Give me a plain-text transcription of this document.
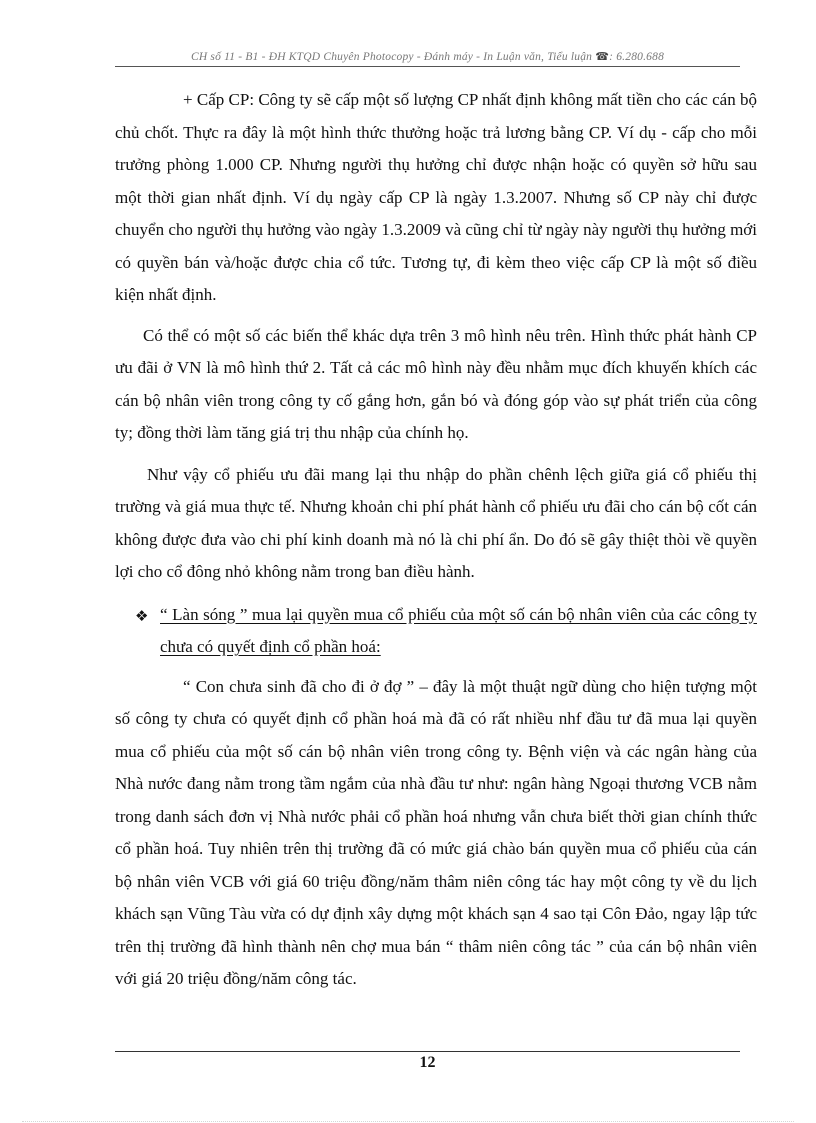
CH số 11 - B1 - ĐH KTQD Chuyên Photocopy - Đánh máy - In Luận văn, Tiểu luận ☎: 6.280.688

+ Cấp CP: Công ty sẽ cấp một số lượng CP nhất định không mất tiền cho các cán bộ chủ chốt. Thực ra đây là một hình thức thưởng hoặc trả lương bằng CP. Ví dụ - cấp cho mỗi trưởng phòng 1.000 CP. Nhưng người thụ hưởng chỉ được nhận hoặc có quyền sở hữu sau một thời gian nhất định. Ví dụ ngày cấp CP là ngày 1.3.2007. Nhưng số CP này chỉ được chuyển cho người thụ hưởng vào ngày 1.3.2009 và cũng chỉ từ ngày này người thụ hưởng mới có quyền bán và/hoặc được chia cổ tức. Tương tự, đi kèm theo việc cấp CP là một số điều kiện nhất định.

Có thể có một số các biến thể khác dựa trên 3 mô hình nêu trên. Hình thức phát hành CP ưu đãi ở VN là mô hình thứ 2. Tất cả các mô hình này đều nhằm mục đích khuyến khích các cán bộ nhân viên trong công ty cố gắng hơn, gắn bó và đóng góp vào sự phát triển của công ty; đồng thời làm tăng giá trị thu nhập của chính họ.

Như vậy cổ phiếu ưu đãi mang lại thu nhập do phần chênh lệch giữa giá cổ phiếu thị trường và giá mua thực tế. Nhưng khoản chi phí phát hành cổ phiếu ưu đãi cho cán bộ cốt cán không được đưa vào chi phí kinh doanh mà nó là chi phí ẩn. Do đó sẽ gây thiệt thòi về quyền lợi cho cổ đông nhỏ không nằm trong ban điều hành.

❖ “ Làn sóng ” mua lại quyền mua cổ phiếu của một số cán bộ nhân viên của các công ty chưa có quyết định cổ phần hoá:

“ Con chưa sinh đã cho đi ở đợ ” – đây là một thuật ngữ dùng cho hiện tượng một số công ty chưa có quyết định cổ phần hoá mà đã có rất nhiều nhf đầu tư đã mua lại quyền mua cổ phiếu của một số cán bộ nhân viên trong công ty. Bệnh viện và các ngân hàng của Nhà nước đang nằm trong tầm ngắm của nhà đầu tư như: ngân hàng Ngoại thương VCB nằm trong danh sách đơn vị Nhà nước phải cổ phần hoá nhưng vẫn chưa biết thời gian chính thức cổ phần hoá. Tuy nhiên trên thị trường đã có mức giá chào bán quyền mua cổ phiếu của cán bộ nhân viên VCB với giá 60 triệu đồng/năm thâm niên công tác hay một công ty về du lịch khách sạn Vũng Tàu vừa có dự định xây dựng một khách sạn 4 sao tại Côn Đảo, ngay lập tức trên thị trường đã hình thành nên chợ mua bán “ thâm niên công tác ” của cán bộ nhân viên với giá 20 triệu đồng/năm công tác.

12
